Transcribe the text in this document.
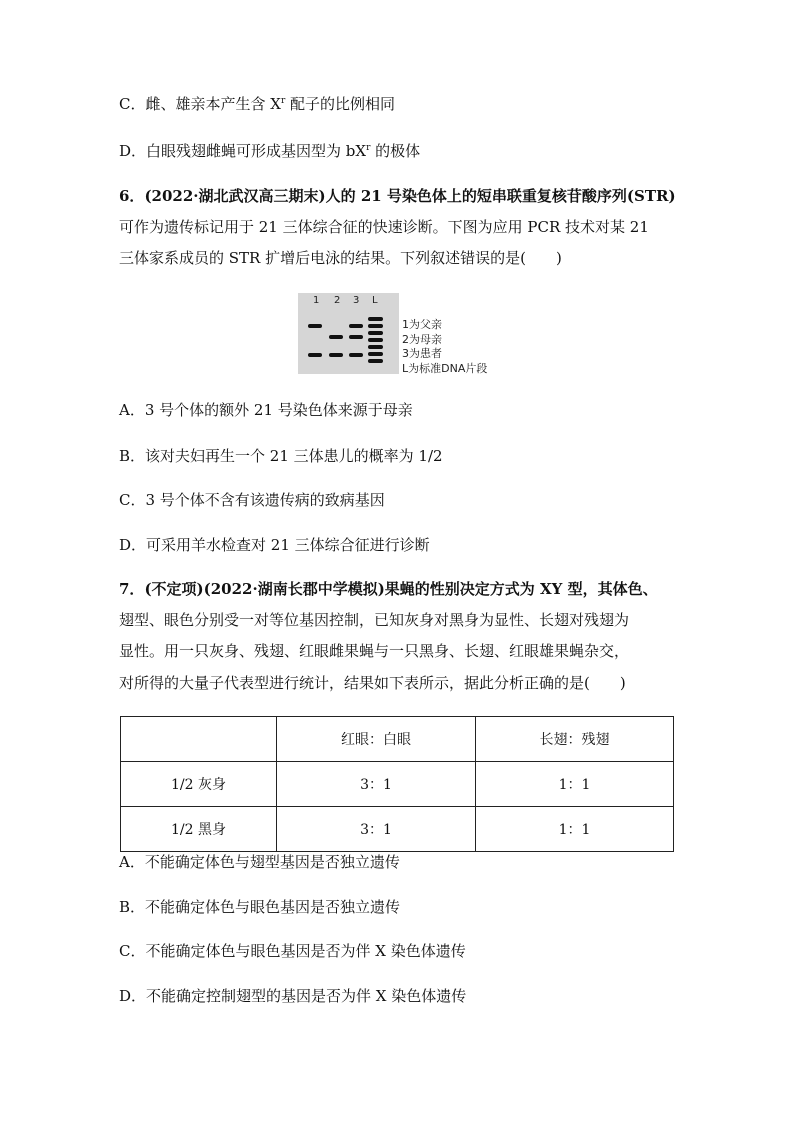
C．雌、雄亲本产生含 $X^r$ 配子的比例相同
D．白眼残翅雌蝇可形成基因型为 $bX^r$ 的极体
6．(2022·湖北武汉高三期末)人的 21 号染色体上的短串联重复核苷酸序列(STR)
可作为遗传标记用于 21 三体综合征的快速诊断。下图为应用 PCR 技术对某 21
三体家系成员的 STR 扩增后电泳的结果。下列叙述错误的是(　　)
1 2 3 L
1为父亲
2为母亲
3为患者
L为标准DNA片段
A．3 号个体的额外 21 号染色体来源于母亲
B．该对夫妇再生一个 21 三体患儿的概率为 1/2
C．3 号个体不含有该遗传病的致病基因
D．可采用羊水检查对 21 三体综合征进行诊断
7．(不定项)(2022·湖南长郡中学模拟)果蝇的性别决定方式为 XY 型，其体色、
翅型、眼色分别受一对等位基因控制，已知灰身对黑身为显性、长翅对残翅为
显性。用一只灰身、残翅、红眼雌果蝇与一只黑身、长翅、红眼雄果蝇杂交，
对所得的大量子代表型进行统计，结果如下表所示，据此分析正确的是(　　)
	红眼：白眼	长翅：残翅
1/2 灰身	3：1	1：1
1/2 黑身	3：1	1：1
A．不能确定体色与翅型基因是否独立遗传
B．不能确定体色与眼色基因是否独立遗传
C．不能确定体色与眼色基因是否为伴 X 染色体遗传
D．不能确定控制翅型的基因是否为伴 X 染色体遗传
